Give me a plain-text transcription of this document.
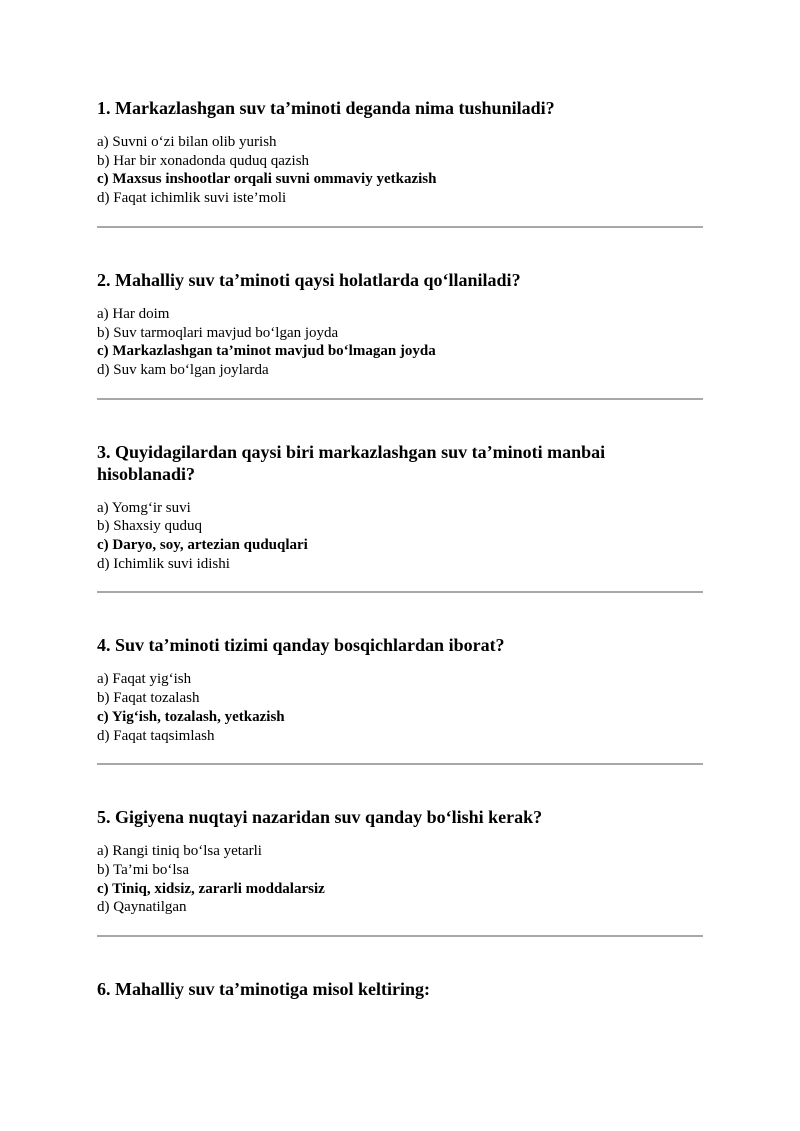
1. Markazlashgan suv ta’minoti deganda nima tushuniladi?
a) Suvni o‘zi bilan olib yurish
b) Har bir xonadonda quduq qazish
c) Maxsus inshootlar orqali suvni ommaviy yetkazish
d) Faqat ichimlik suvi iste’moli
2. Mahalliy suv ta’minoti qaysi holatlarda qo‘llaniladi?
a) Har doim
b) Suv tarmoqlari mavjud bo‘lgan joyda
c) Markazlashgan ta’minot mavjud bo‘lmagan joyda
d) Suv kam bo‘lgan joylarda
3. Quyidagilardan qaysi biri markazlashgan suv ta’minoti manbai hisoblanadi?
a) Yomg‘ir suvi
b) Shaxsiy quduq
c) Daryo, soy, artezian quduqlari
d) Ichimlik suvi idishi
4. Suv ta’minoti tizimi qanday bosqichlardan iborat?
a) Faqat yig‘ish
b) Faqat tozalash
c) Yig‘ish, tozalash, yetkazish
d) Faqat taqsimlash
5. Gigiyena nuqtayi nazaridan suv qanday bo‘lishi kerak?
a) Rangi tiniq bo‘lsa yetarli
b) Ta’mi bo‘lsa
c) Tiniq, xidsiz, zararli moddalarsiz
d) Qaynatilgan
6. Mahalliy suv ta’minotiga misol keltiring:
